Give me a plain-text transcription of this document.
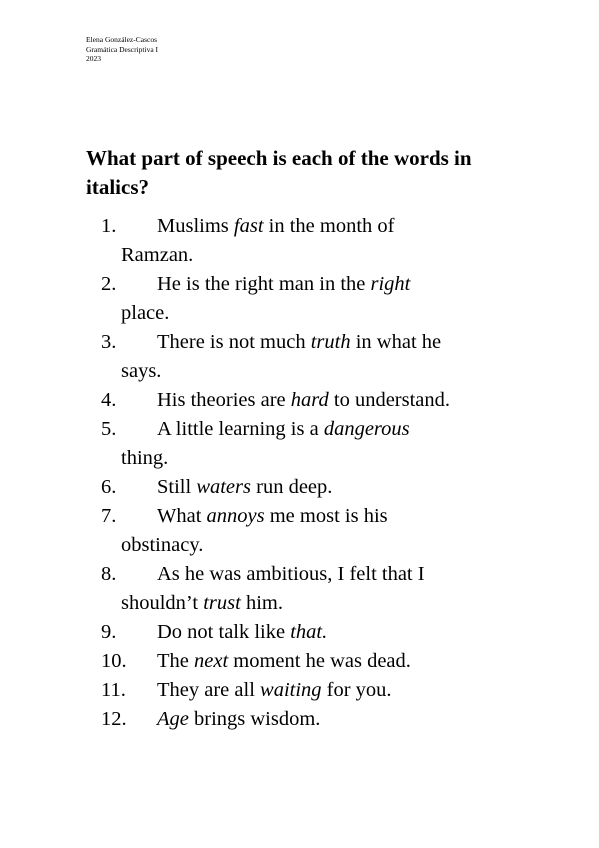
Elena González-Cascos
Gramática Descriptiva I
2023
What part of speech is each of the words in italics?
1.	Muslims fast in the month of
Ramzan.
2.	He is the right man in the right
place.
3.	There is not much truth in what he
says.
4.	His theories are hard to understand.
5.	A little learning is a dangerous
thing.
6.	Still waters run deep.
7.	What annoys me most is his
obstinacy.
8.	As he was ambitious, I felt that I
shouldn’t trust him.
9.	Do not talk like that.
10.	The next moment he was dead.
11.	They are all waiting for you.
12.	Age brings wisdom.
